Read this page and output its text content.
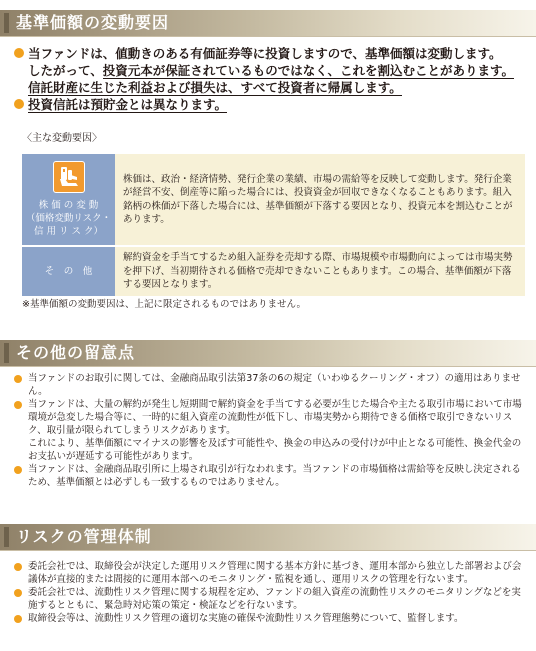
基準価額の変動要因
当ファンドは、値動きのある有価証券等に投資しますので、基準価額は変動します。
したがって、投資元本が保証されているものではなく、これを割込むことがあります。
信託財産に生じた利益および損失は、すべて投資者に帰属します。
投資信託は預貯金とは異なります。
〈主な変動要因〉
株 価 の 変 動
（価格変動リスク・
信 用 リ ス ク）	株価は、政治・経済情勢、発行企業の業績、市場の需給等を反映して変動します。発行企業が経営不安、倒産等に陥った場合には、投資資金が回収できなくなることもあります。組入銘柄の株価が下落した場合には、基準価額が下落する要因となり、投資元本を割込むことがあります。

そ　の　他	解約資金を手当てするため組入証券を売却する際、市場規模や市場動向によっては市場実勢を押下げ、当初期待される価格で売却できないこともあります。この場合、基準価額が下落する要因となります。
※基準価額の変動要因は、上記に限定されるものではありません。
その他の留意点
当ファンドのお取引に関しては、金融商品取引法第37条の6の規定（いわゆるクーリング・オフ）の適用はありません。
当ファンドは、大量の解約が発生し短期間で解約資金を手当てする必要が生じた場合や主たる取引市場において市場環境が急変した場合等に、一時的に組入資産の流動性が低下し、市場実勢から期待できる価格で取引できないリスク、取引量が限られてしまうリスクがあります。
これにより、基準価額にマイナスの影響を及ぼす可能性や、換金の申込みの受付けが中止となる可能性、換金代金のお支払いが遅延する可能性があります。
当ファンドは、金融商品取引所に上場され取引が行なわれます。当ファンドの市場価格は需給等を反映し決定されるため、基準価額とは必ずしも一致するものではありません。
リスクの管理体制
委託会社では、取締役会が決定した運用リスク管理に関する基本方針に基づき、運用本部から独立した部署および会議体が直接的または間接的に運用本部へのモニタリング・監視を通し、運用リスクの管理を行ないます。
委託会社では、流動性リスク管理に関する規程を定め、ファンドの組入資産の流動性リスクのモニタリングなどを実施するとともに、緊急時対応策の策定・検証などを行ないます。
取締役会等は、流動性リスク管理の適切な実施の確保や流動性リスク管理態勢について、監督します。
